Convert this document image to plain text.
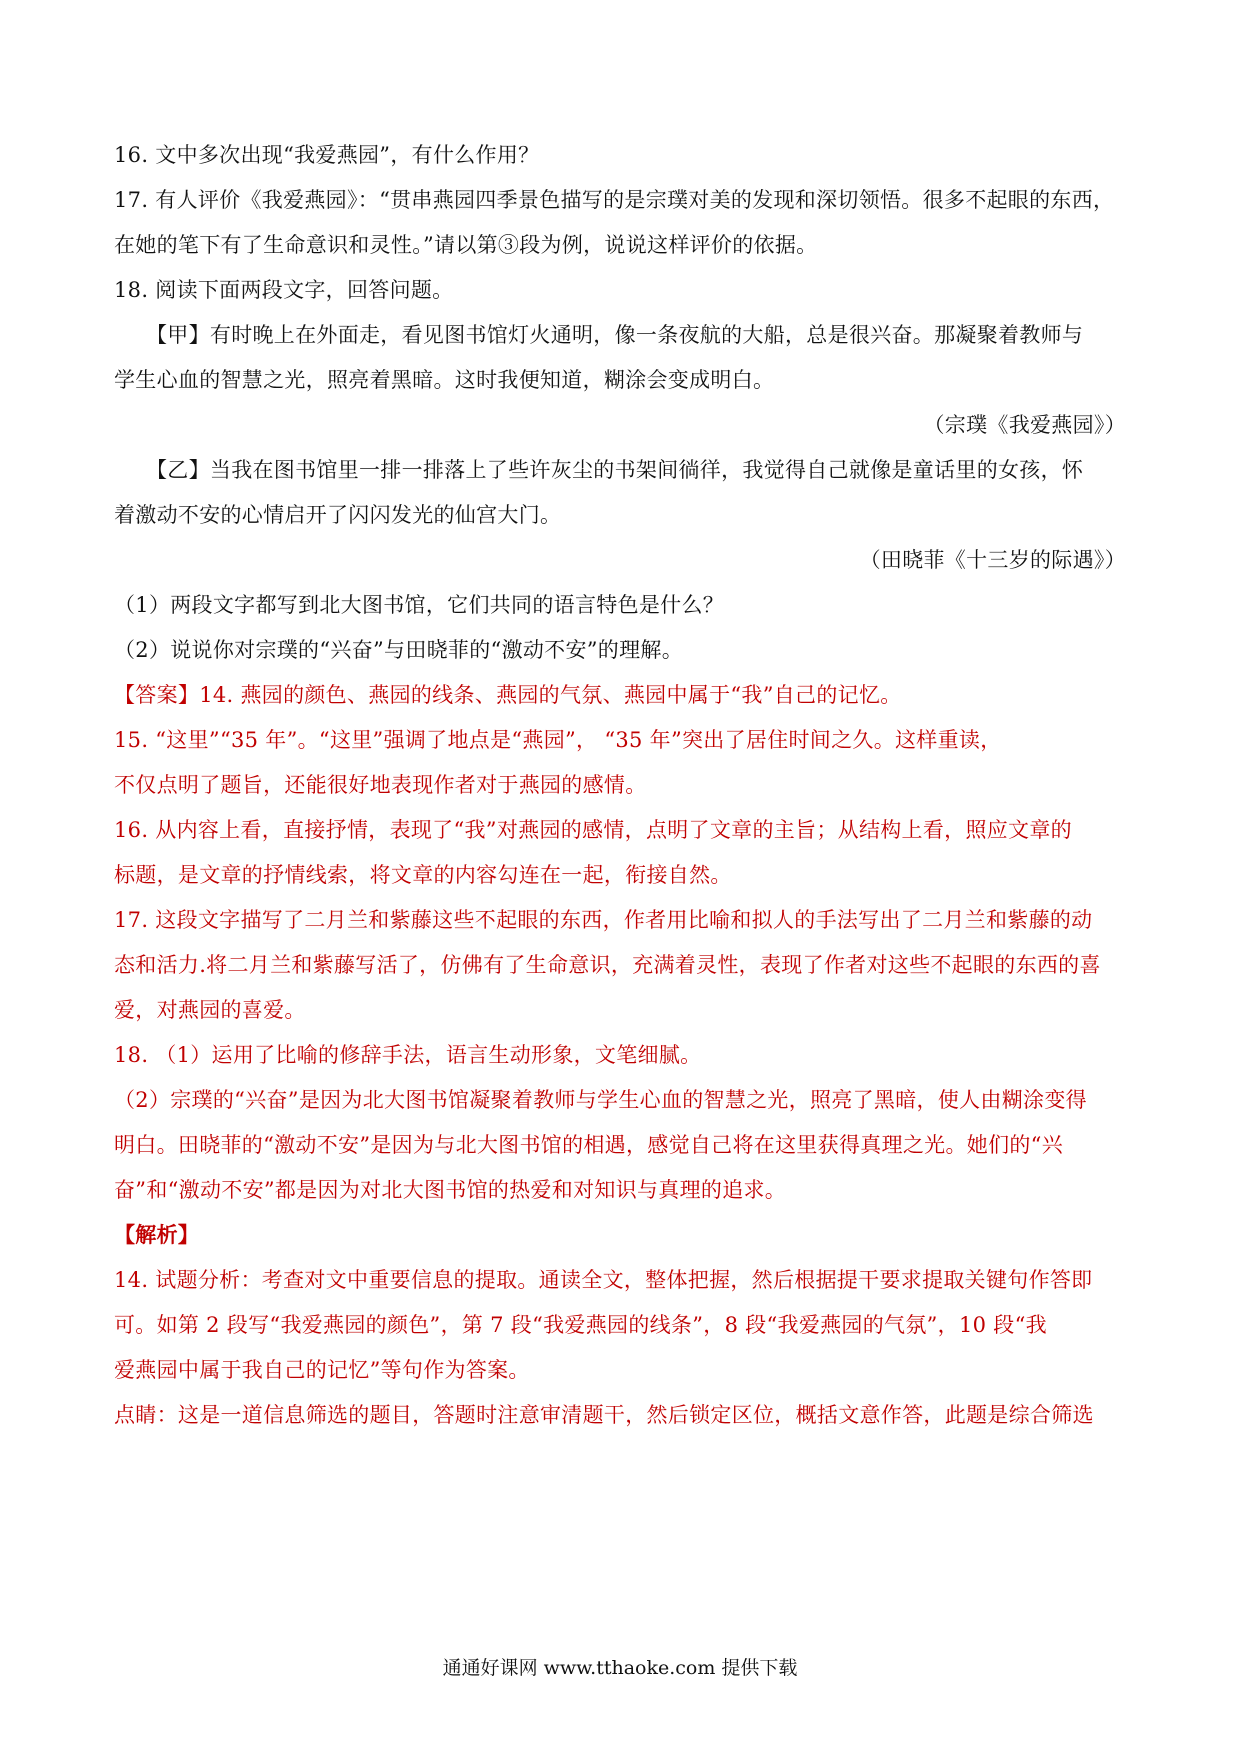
16. 文中多次出现“我爱燕园”，有什么作用？

17. 有人评价《我爱燕园》：“贯串燕园四季景色描写的是宗璞对美的发现和深切领悟。很多不起眼的东西，

在她的笔下有了生命意识和灵性。”请以第③段为例，说说这样评价的依据。

18. 阅读下面两段文字，回答问题。

【甲】有时晚上在外面走，看见图书馆灯火通明，像一条夜航的大船，总是很兴奋。那凝聚着教师与

学生心血的智慧之光，照亮着黑暗。这时我便知道，糊涂会变成明白。

（宗璞《我爱燕园》）

【乙】当我在图书馆里一排一排落上了些许灰尘的书架间徜徉，我觉得自己就像是童话里的女孩，怀

着激动不安的心情启开了闪闪发光的仙宫大门。

（田晓菲《十三岁的际遇》）

（1）两段文字都写到北大图书馆，它们共同的语言特色是什么？

（2）说说你对宗璞的“兴奋”与田晓菲的“激动不安”的理解。

【答案】14. 燕园的颜色、燕园的线条、燕园的气氛、燕园中属于“我”自己的记忆。

15. “这里”“35 年”。“这里”强调了地点是“燕园”， “35 年”突出了居住时间之久。这样重读，

不仅点明了题旨，还能很好地表现作者对于燕园的感情。

16. 从内容上看，直接抒情，表现了“我”对燕园的感情，点明了文章的主旨；从结构上看，照应文章的

标题，是文章的抒情线索，将文章的内容勾连在一起，衔接自然。

17. 这段文字描写了二月兰和紫藤这些不起眼的东西，作者用比喻和拟人的手法写出了二月兰和紫藤的动

态和活力.将二月兰和紫藤写活了，仿佛有了生命意识，充满着灵性，表现了作者对这些不起眼的东西的喜

爱，对燕园的喜爱。

18. （1）运用了比喻的修辞手法，语言生动形象，文笔细腻。

（2）宗璞的“兴奋”是因为北大图书馆凝聚着教师与学生心血的智慧之光，照亮了黑暗，使人由糊涂变得

明白。田晓菲的“激动不安”是因为与北大图书馆的相遇，感觉自己将在这里获得真理之光。她们的“兴

奋”和“激动不安”都是因为对北大图书馆的热爱和对知识与真理的追求。

【解析】

14. 试题分析：考查对文中重要信息的提取。通读全文，整体把握，然后根据提干要求提取关键句作答即

可。如第 2 段写“我爱燕园的颜色”，第 7 段“我爱燕园的线条”，8 段“我爱燕园的气氛”，10 段“我

爱燕园中属于我自己的记忆”等句作为答案。

点睛：这是一道信息筛选的题目，答题时注意审清题干，然后锁定区位，概括文意作答，此题是综合筛选

通通好课网 www.tthaoke.com 提供下载
